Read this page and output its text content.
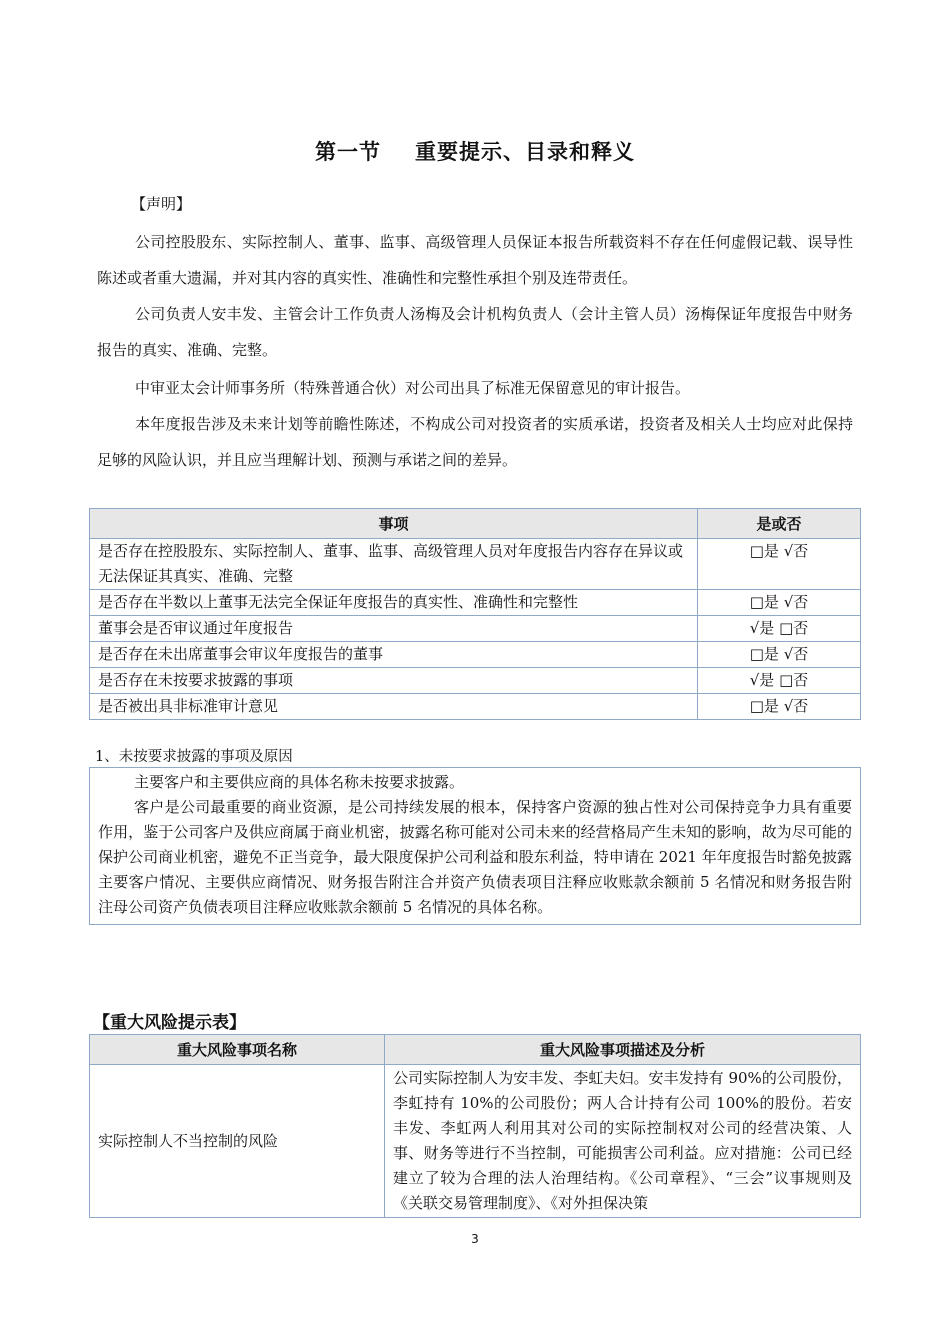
第一节 重要提示、目录和释义
【声明】

公司控股股东、实际控制人、董事、监事、高级管理人员保证本报告所载资料不存在任何虚假记载、误导性陈述或者重大遗漏，并对其内容的真实性、准确性和完整性承担个别及连带责任。

公司负责人安丰发、主管会计工作负责人汤梅及会计机构负责人（会计主管人员）汤梅保证年度报告中财务报告的真实、准确、完整。

中审亚太会计师事务所（特殊普通合伙）对公司出具了标准无保留意见的审计报告。

本年度报告涉及未来计划等前瞻性陈述，不构成公司对投资者的实质承诺，投资者及相关人士均应对此保持足够的风险认识，并且应当理解计划、预测与承诺之间的差异。

事项	是或否
是否存在控股股东、实际控制人、董事、监事、高级管理人员对年度报告内容存在异议或无法保证其真实、准确、完整	□是 √否
是否存在半数以上董事无法完全保证年度报告的真实性、准确性和完整性	□是 √否
董事会是否审议通过年度报告	√是 □否
是否存在未出席董事会审议年度报告的董事	□是 √否
是否存在未按要求披露的事项	√是 □否
是否被出具非标准审计意见	□是 √否
1、未按要求披露的事项及原因

主要客户和主要供应商的具体名称未按要求披露。

客户是公司最重要的商业资源，是公司持续发展的根本，保持客户资源的独占性对公司保持竞争力具有重要作用，鉴于公司客户及供应商属于商业机密，披露名称可能对公司未来的经营格局产生未知的影响，故为尽可能的保护公司商业机密，避免不正当竞争，最大限度保护公司利益和股东利益，特申请在 2021 年年度报告时豁免披露主要客户情况、主要供应商情况、财务报告附注合并资产负债表项目注释应收账款余额前 5 名情况和财务报告附注母公司资产负债表项目注释应收账款余额前 5 名情况的具体名称。

【重大风险提示表】
重大风险事项名称	重大风险事项描述及分析
实际控制人不当控制的风险	公司实际控制人为安丰发、李虹夫妇。安丰发持有 90%的公司股份，李虹持有 10%的公司股份；两人合计持有公司 100%的股份。若安丰发、李虹两人利用其对公司的实际控制权对公司的经营决策、人事、财务等进行不当控制，可能损害公司利益。应对措施：公司已经建立了较为合理的法人治理结构。《公司章程》、“三会”议事规则及《关联交易管理制度》、《对外担保决策
3
